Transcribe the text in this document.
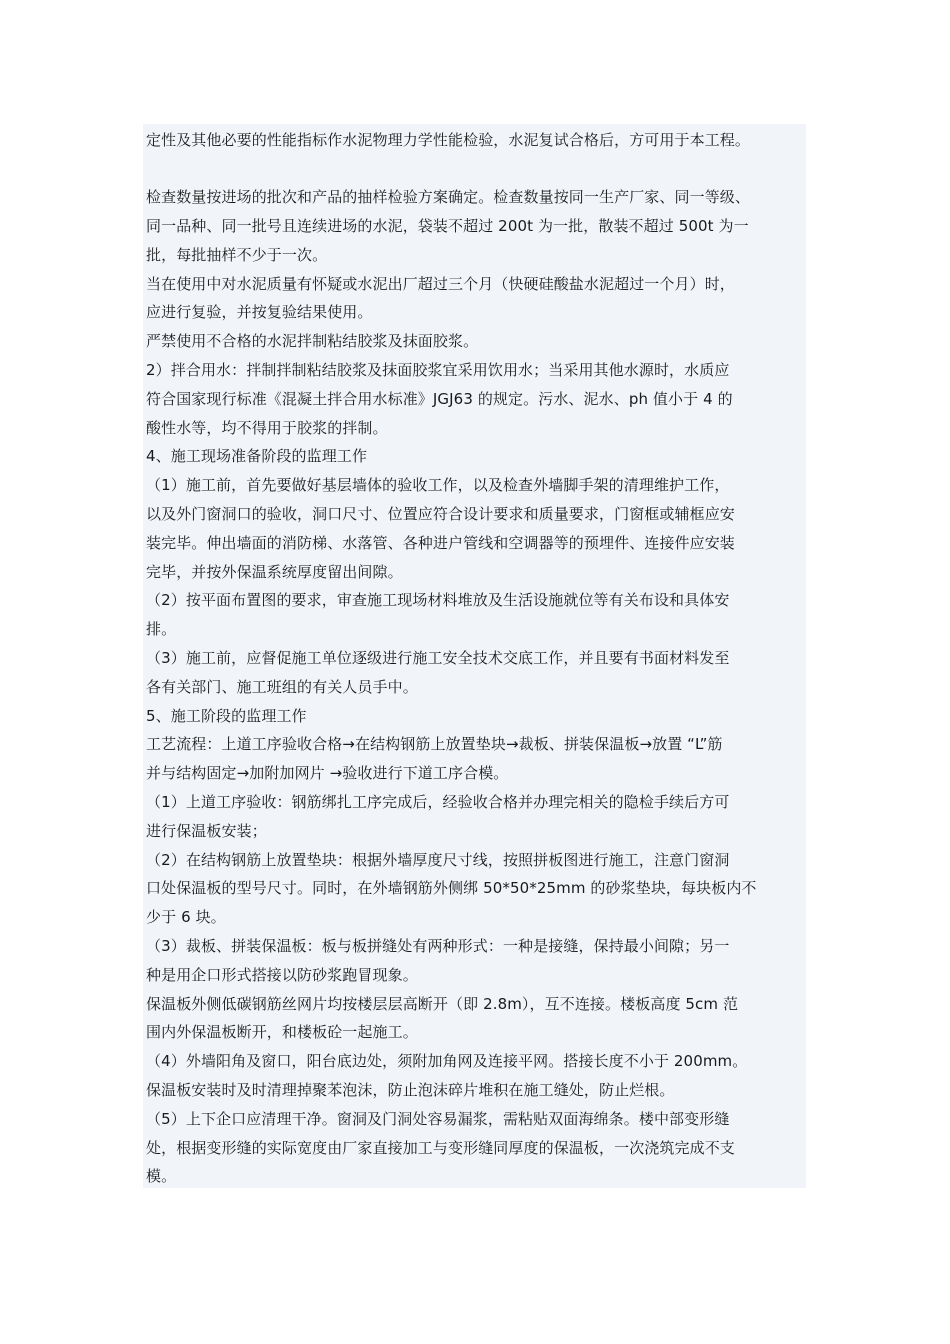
定性及其他必要的性能指标作水泥物理力学性能检验，水泥复试合格后，方可用于本工程。
检查数量按进场的批次和产品的抽样检验方案确定。检查数量按同一生产厂家、同一等级、
同一品种、同一批号且连续进场的水泥，袋装不超过 200t 为一批，散装不超过 500t 为一
批，每批抽样不少于一次。
当在使用中对水泥质量有怀疑或水泥出厂超过三个月（快硬硅酸盐水泥超过一个月）时，
应进行复验，并按复验结果使用。
严禁使用不合格的水泥拌制粘结胶浆及抹面胶浆。
2）拌合用水：拌制拌制粘结胶浆及抹面胶浆宜采用饮用水；当采用其他水源时，水质应
符合国家现行标准《混凝土拌合用水标准》JGJ63 的规定。污水、泥水、ph 值小于 4 的
酸性水等，均不得用于胶浆的拌制。
4、施工现场准备阶段的监理工作
（1）施工前，首先要做好基层墙体的验收工作，以及检查外墙脚手架的清理维护工作，
以及外门窗洞口的验收，洞口尺寸、位置应符合设计要求和质量要求，门窗框或辅框应安
装完毕。伸出墙面的消防梯、水落管、各种进户管线和空调器等的预埋件、连接件应安装
完毕，并按外保温系统厚度留出间隙。
（2）按平面布置图的要求，审查施工现场材料堆放及生活设施就位等有关布设和具体安
排。
（3）施工前，应督促施工单位逐级进行施工安全技术交底工作，并且要有书面材料发至
各有关部门、施工班组的有关人员手中。
5、施工阶段的监理工作
工艺流程：上道工序验收合格→在结构钢筋上放置垫块→裁板、拼装保温板→放置 “L”筋
并与结构固定→加附加网片 →验收进行下道工序合模。
（1）上道工序验收：钢筋绑扎工序完成后，经验收合格并办理完相关的隐检手续后方可
进行保温板安装；
（2）在结构钢筋上放置垫块：根据外墙厚度尺寸线，按照拼板图进行施工，注意门窗洞
口处保温板的型号尺寸。同时，在外墙钢筋外侧绑 50*50*25mm 的砂浆垫块，每块板内不
少于 6 块。
（3）裁板、拼装保温板：板与板拼缝处有两种形式：一种是接缝，保持最小间隙；另一
种是用企口形式搭接以防砂浆跑冒现象。
保温板外侧低碳钢筋丝网片均按楼层层高断开（即 2.8m），互不连接。楼板高度 5cm 范
围内外保温板断开，和楼板砼一起施工。
（4）外墙阳角及窗口，阳台底边处，须附加角网及连接平网。搭接长度不小于 200mm。
保温板安装时及时清理掉聚苯泡沫，防止泡沫碎片堆积在施工缝处，防止烂根。
（5）上下企口应清理干净。窗洞及门洞处容易漏浆，需粘贴双面海绵条。楼中部变形缝
处，根据变形缝的实际宽度由厂家直接加工与变形缝同厚度的保温板，一次浇筑完成不支
模。
